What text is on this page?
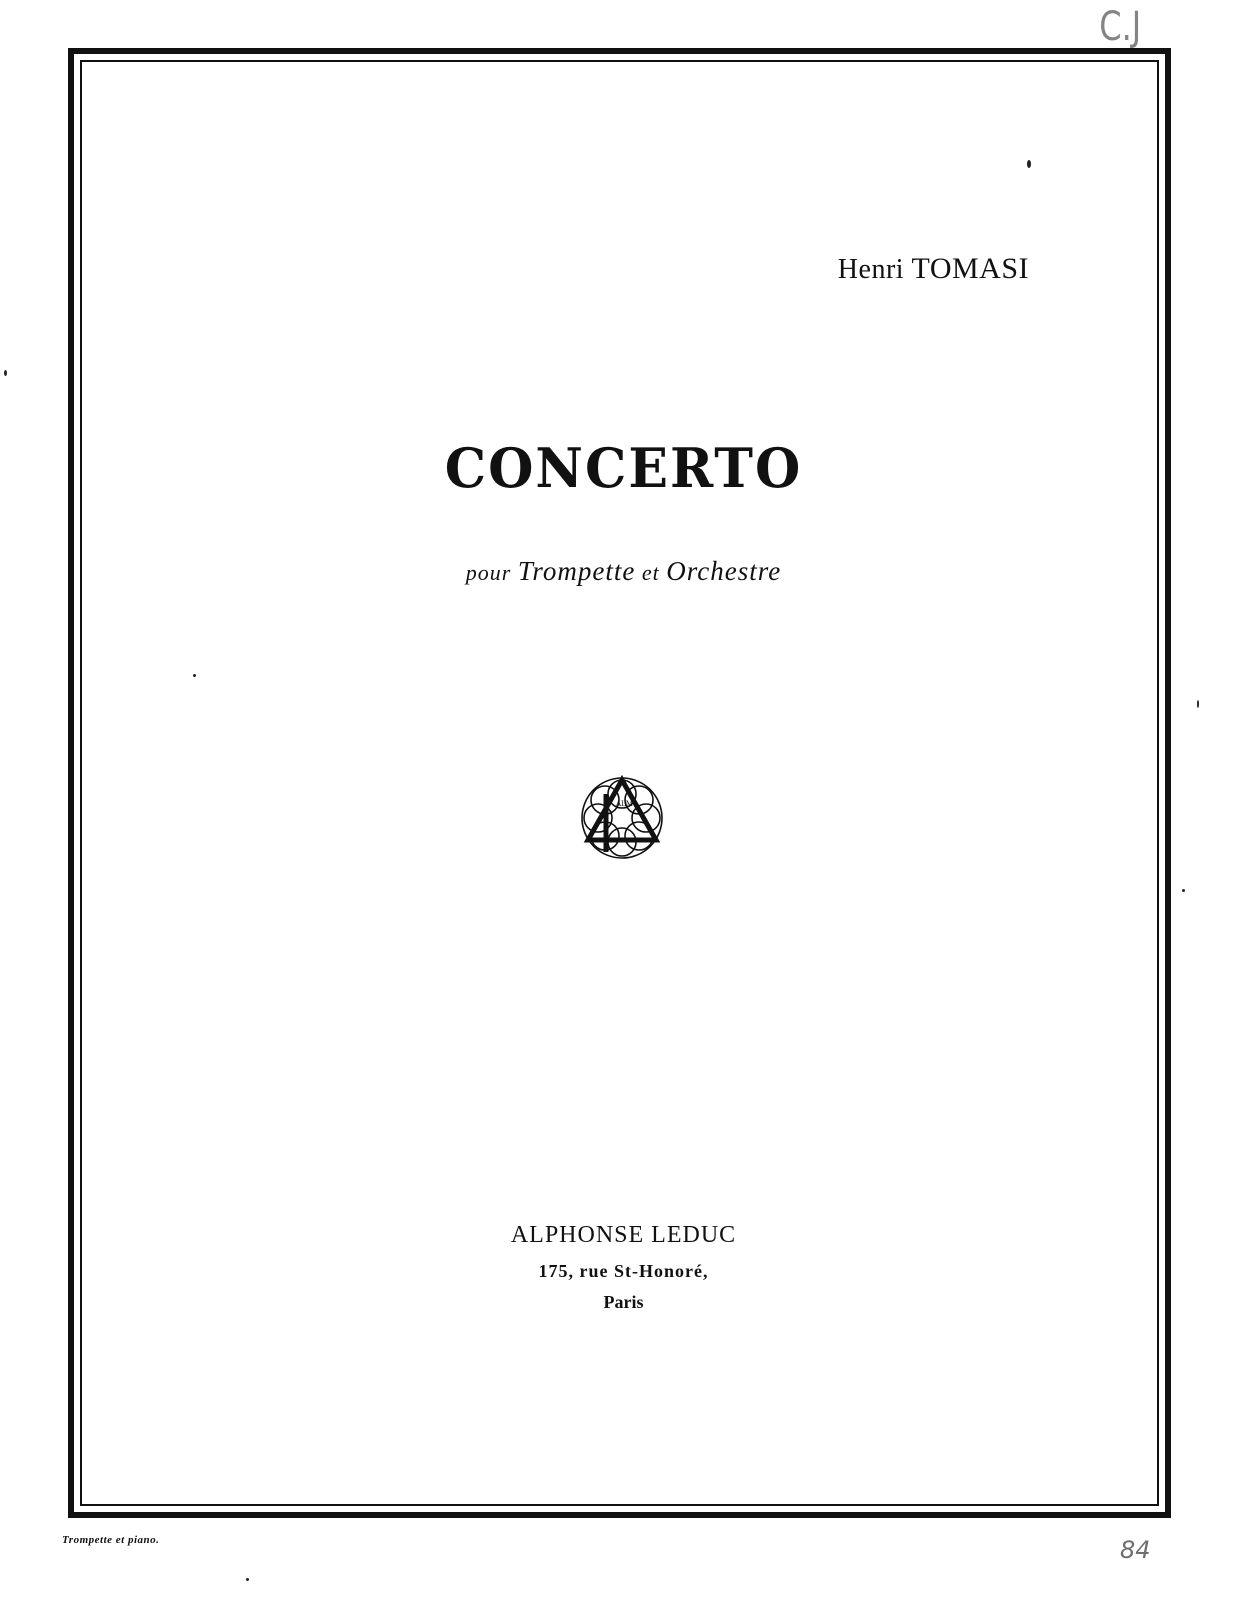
C.J
Henri TOMASI
CONCERTO
pour Trompette et Orchestre
ALM
ALPHONSE LEDUC
175, rue St-Honoré,
Paris
Trompette et piano.	84
